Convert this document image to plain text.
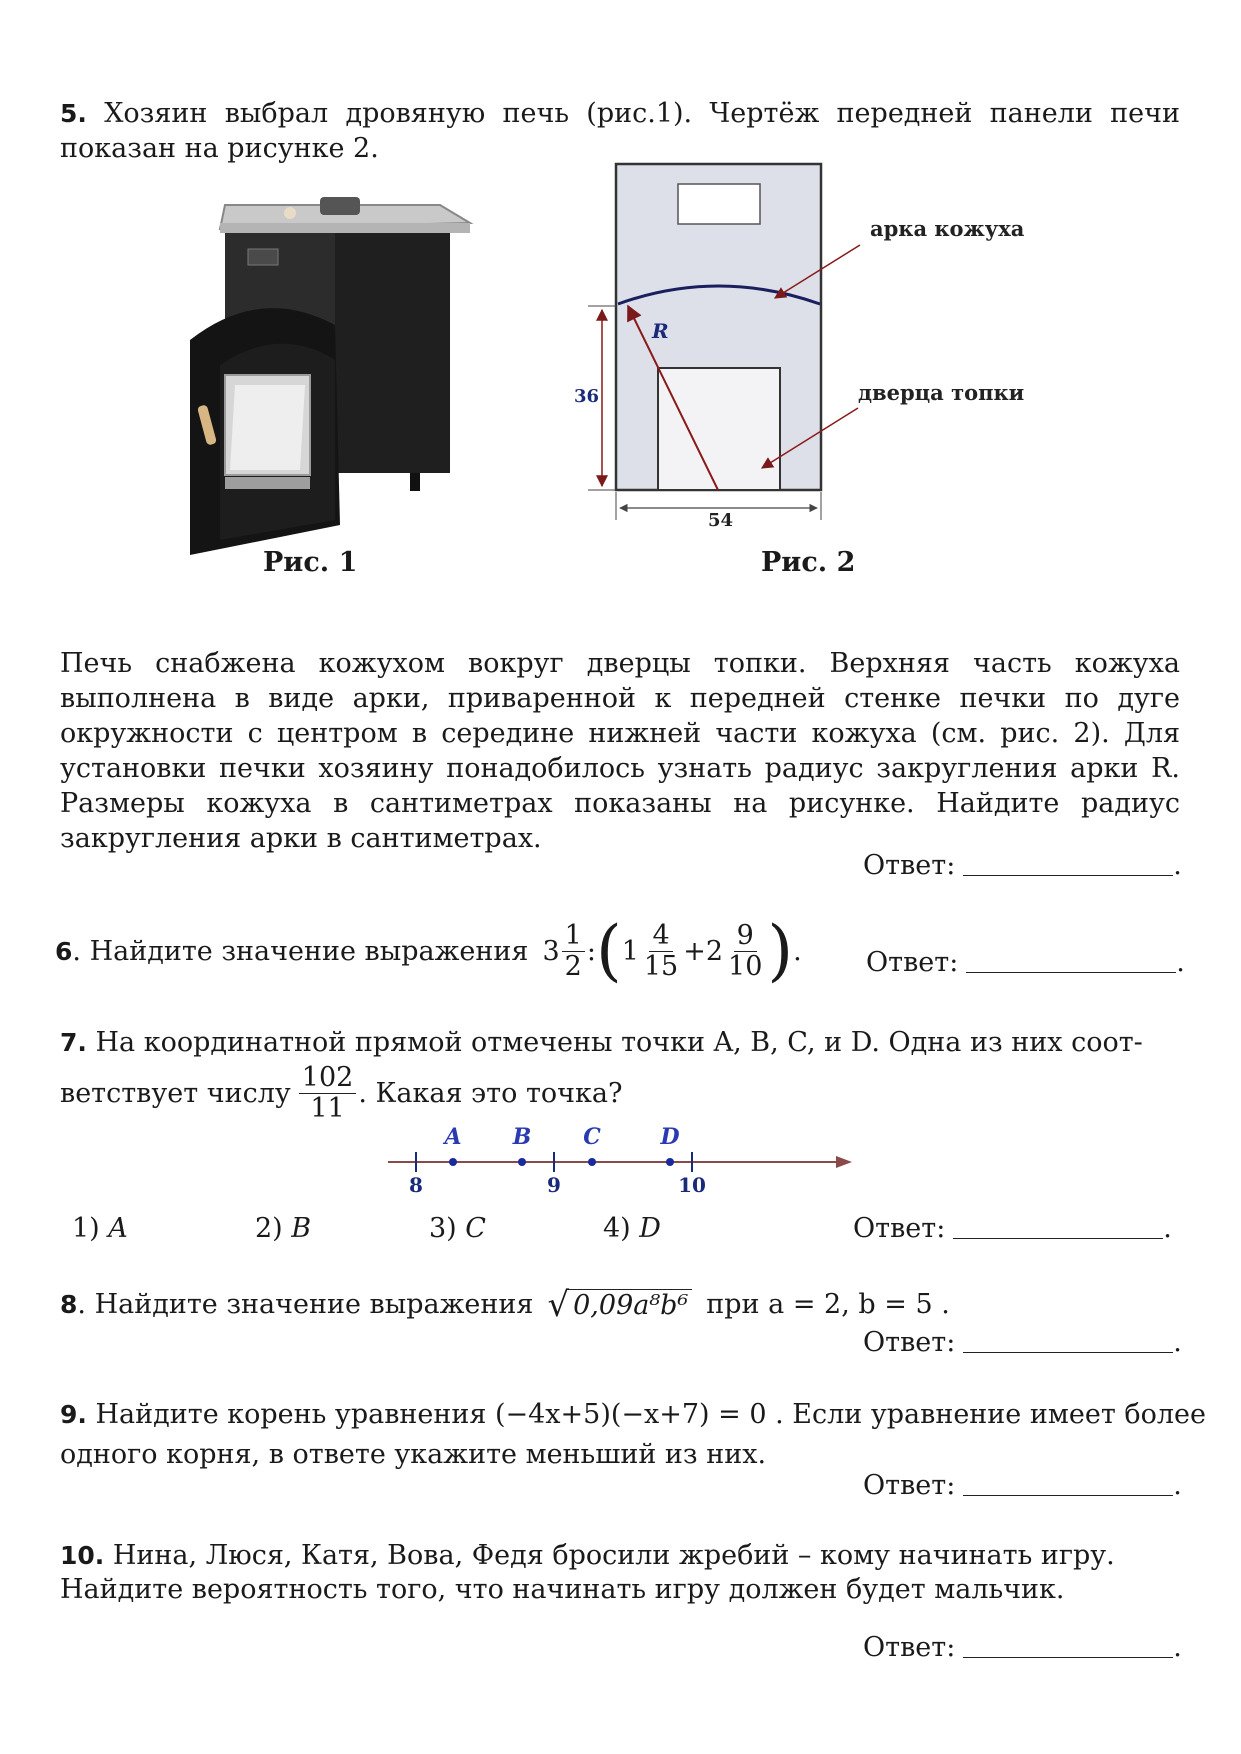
5. Хозяин выбрал дровяную печь (рис.1). Чертёж передней панели печи показан на рисунке 2.
Рис. 1
R
36
54
арка кожуха
дверца топки
Рис. 2
Печь снабжена кожухом вокруг дверцы топки. Верхняя часть кожуха выполнена в виде арки, приваренной к передней стенке печки по дуге окружности с центром в середине нижней части кожуха (см. рис. 2). Для установки печки хозяину понадобилось узнать радиус закругления арки R. Размеры кожуха в сантиметрах показаны на рисунке. Найдите радиус закругления арки в сантиметрах.
Ответ:	.
6 . Найдите значение выражения $3 \frac{1}{2}$ : ( $1 \frac{4}{15} + 2 \frac{9}{10}$ ) . Ответ:	.
7. На координатной прямой отмечены точки A, B, C, и D. Одна из них соот-
ветствует числу $\frac{102}{11}$ . Какая это точка?
8	9	10
A B C	D
1) A	2) B	3) C	4) D	Ответ:	.
8 . Найдите значение выражения √ 0,09a⁸b⁶ при a = 2, b = 5 .
Ответ:	.
9. Найдите корень уравнения (−4x+5)(−x+7) = 0 . Если уравнение имеет более
одного корня, в ответе укажите меньший из них.
Ответ:	.
10. Нина, Люся, Катя, Вова, Федя бросили жребий – кому начинать игру.
Найдите вероятность того, что начинать игру должен будет мальчик.
Ответ:	.
